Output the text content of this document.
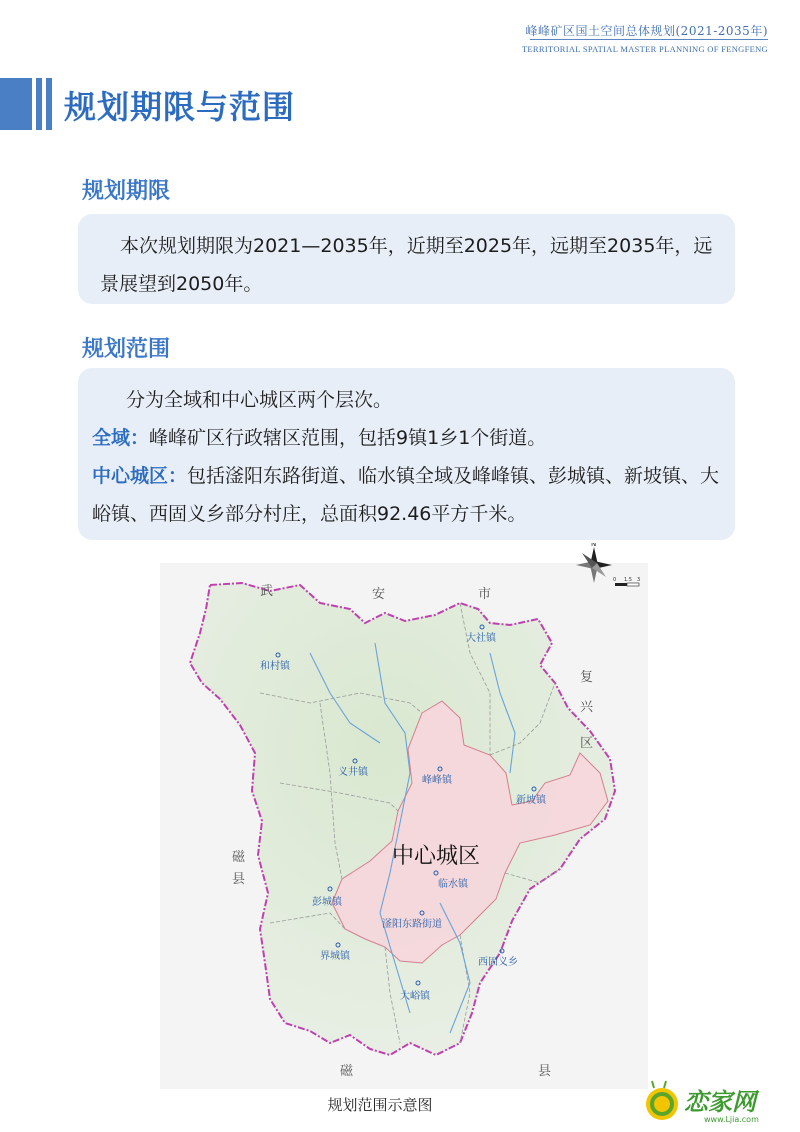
峰峰矿区国土空间总体规划(2021-2035年)
TERRITORIAL SPATIAL MASTER PLANNING OF FENGFENG
规划期限与范围
规划期限

本次规划期限为2021—2035年，近期至2025年，远期至2035年，远景展望到2050年。

规划范围

分为全域和中心城区两个层次。

全域：峰峰矿区行政辖区范围，包括9镇1乡1个街道。

中心城区：包括滏阳东路街道、临水镇全域及峰峰镇、彭城镇、新坡镇、大峪镇、西固义乡部分村庄，总面积92.46平方千米。

大社镇
和村镇
义井镇
峰峰镇
新坡镇
临水镇
彭城镇
滏阳东路街道
界城镇
西固义乡
大峪镇
中心城区
武	安	市
复
兴
区
磁
县
磁	县
N
0 1.5 3
规划范围示意图	恋家网
www.Ljia.com
